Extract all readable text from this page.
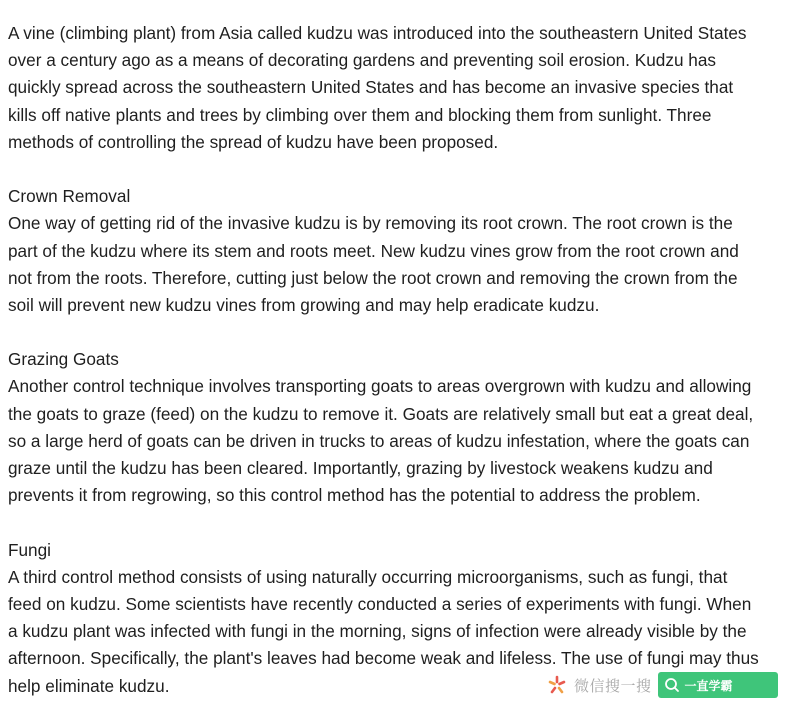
A vine (climbing plant) from Asia called kudzu was introduced into the southeastern United States
over a century ago as a means of decorating gardens and preventing soil erosion. Kudzu has
quickly spread across the southeastern United States and has become an invasive species that
kills off native plants and trees by climbing over them and blocking them from sunlight. Three
methods of controlling the spread of kudzu have been proposed.
Crown Removal
One way of getting rid of the invasive kudzu is by removing its root crown. The root crown is the
part of the kudzu where its stem and roots meet. New kudzu vines grow from the root crown and
not from the roots. Therefore, cutting just below the root crown and removing the crown from the
soil will prevent new kudzu vines from growing and may help eradicate kudzu.
Grazing Goats
Another control technique involves transporting goats to areas overgrown with kudzu and allowing
the goats to graze (feed) on the kudzu to remove it. Goats are relatively small but eat a great deal,
so a large herd of goats can be driven in trucks to areas of kudzu infestation, where the goats can
graze until the kudzu has been cleared. Importantly, grazing by livestock weakens kudzu and
prevents it from regrowing, so this control method has the potential to address the problem.
Fungi
A third control method consists of using naturally occurring microorganisms, such as fungi, that
feed on kudzu. Some scientists have recently conducted a series of experiments with fungi. When
a kudzu plant was infected with fungi in the morning, signs of infection were already visible by the
afternoon. Specifically, the plant's leaves had become weak and lifeless. The use of fungi may thus
help eliminate kudzu.	微信搜一搜	一直学霸
